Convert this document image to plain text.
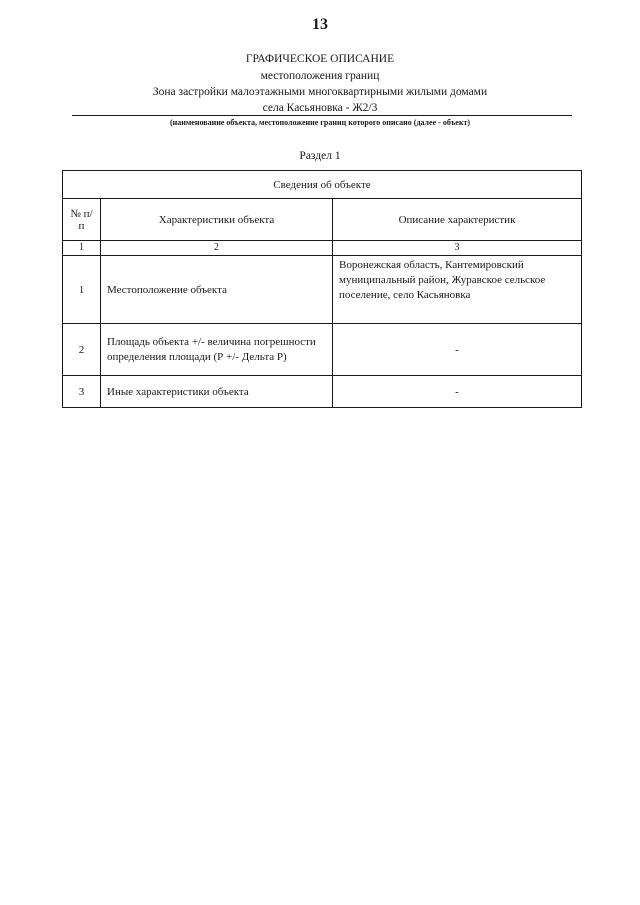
13
ГРАФИЧЕСКОЕ ОПИСАНИЕ
местоположения границ
Зона застройки малоэтажными многоквартирными жилыми домами
села Касьяновка - Ж2/3
(наименование объекта, местоположение границ которого описано (далее - объект)
Раздел 1
Сведения об объекте		
№ п/п	Характеристики объекта	Описание характеристик
1	2	3
1	Местоположение объекта	Воронежская область, Кантемировский муниципальный район, Журавское сельское поселение, село Касьяновка
2	Площадь объекта +/- величина погрешности определения площади (Р +/- Дельта Р)	-
3	Иные характеристики объекта	-
